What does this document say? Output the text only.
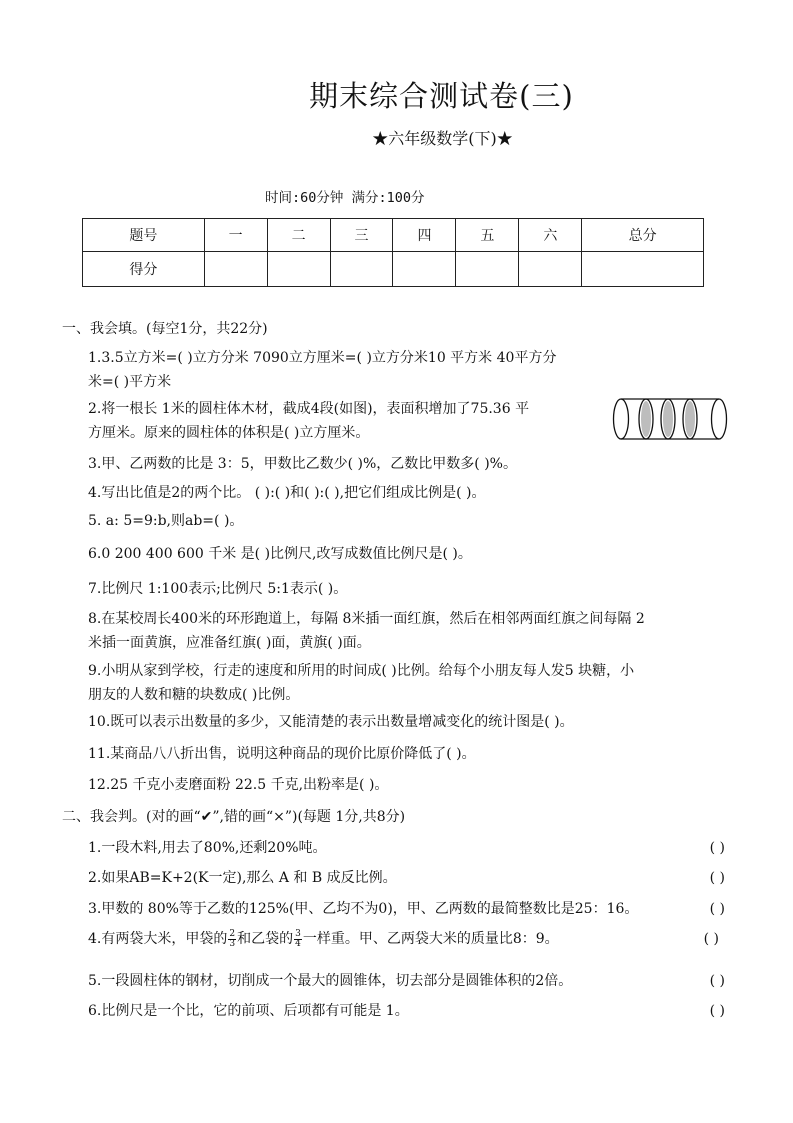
期末综合测试卷(三)
★六年级数学(下)★
时间:60分钟 满分:100分
题号	一	二	三	四	五	六	总分
得分							
一、我会填。(每空1分，共22分)
1.3.5立方米=( )立方分米 7090立方厘米=( )立方分米10 平方米 40平方分
米=( )平方米
2.将一根长 1米的圆柱体木材，截成4段(如图)，表面积增加了75.36 平
方厘米。原来的圆柱体的体积是( )立方厘米。
3.甲、乙两数的比是 3：5，甲数比乙数少( )%，乙数比甲数多( )%。
4.写出比值是2的两个比。 ( ):( )和( ):( ),把它们组成比例是( )。
5. a: 5=9:b,则ab=( )。
6.0 200 400 600 千米 是( )比例尺,改写成数值比例尺是( )。
7.比例尺 1:100表示;比例尺 5:1表示( )。
8.在某校周长400米的环形跑道上，每隔 8米插一面红旗，然后在相邻两面红旗之间每隔 2
米插一面黄旗，应准备红旗( )面，黄旗( )面。
9.小明从家到学校，行走的速度和所用的时间成( )比例。给每个小朋友每人发5 块糖，小
朋友的人数和糖的块数成( )比例。
10.既可以表示出数量的多少，又能清楚的表示出数量增减变化的统计图是( )。
11.某商品八八折出售，说明这种商品的现价比原价降低了( )。
12.25 千克小麦磨面粉 22.5 千克,出粉率是( )。
二、我会判。(对的画“✔”,错的画“×”)(每题 1分,共8分)
1.一段木料,用去了80%,还剩20%吨。	( )
2.如果AB=K+2(K一定),那么 A 和 B 成反比例。	( )
3.甲数的 80%等于乙数的125%(甲、乙均不为0)，甲、乙两数的最简整数比是25：16。	( )
4.有两袋大米，甲袋的 $\frac{2}{3}$ 和乙袋的 $\frac{3}{4}$ 一样重。甲、乙两袋大米的质量比8：9。	( )
5.一段圆柱体的钢材，切削成一个最大的圆锥体，切去部分是圆锥体积的2倍。	( )
6.比例尺是一个比，它的前项、后项都有可能是 1。	( )
